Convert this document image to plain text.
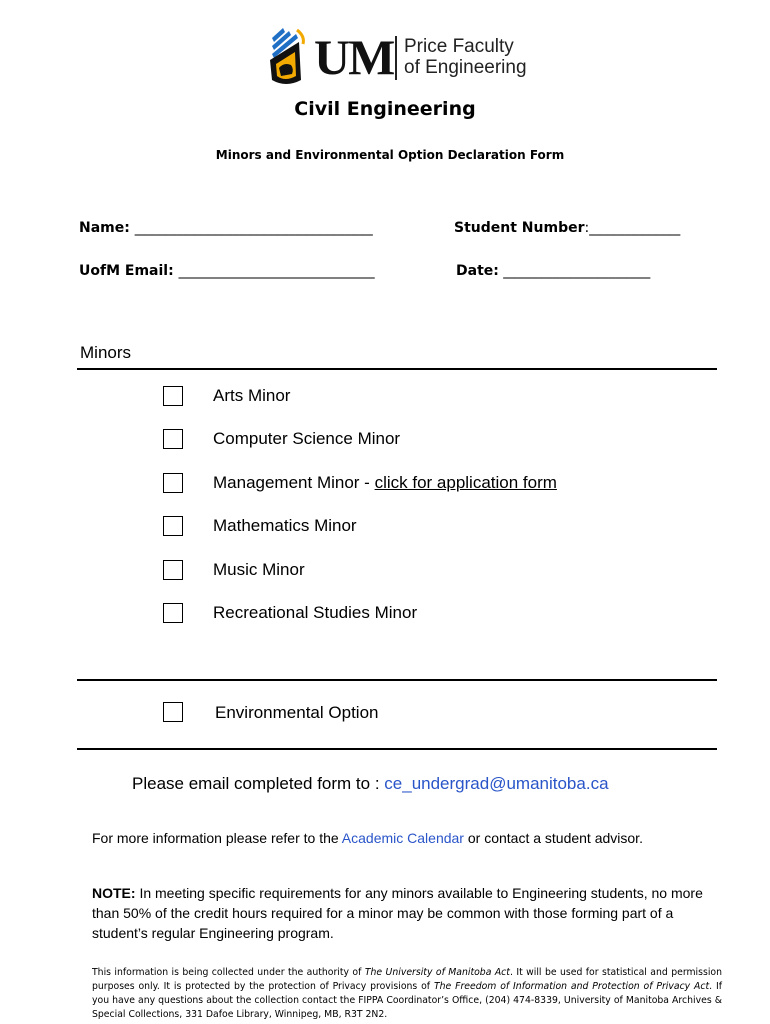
UM Price Faculty
of Engineering
Civil Engineering
Minors and Environmental Option Declaration Form
Name: __________________________________	Student Number:_____________
UofM Email: ____________________________	Date: _____________________
Minors
Arts Minor
Computer Science Minor
Management Minor - click for application form
Mathematics Minor
Music Minor
Recreational Studies Minor
Environmental Option
Please email completed form to : ce_undergrad@umanitoba.ca
For more information please refer to the Academic Calendar or contact a student advisor.
NOTE: In meeting specific requirements for any minors available to Engineering students, no more than 50% of the credit hours required for a minor may be common with those forming part of a student’s regular Engineering program.
This information is being collected under the authority of The University of Manitoba Act. It will be used for statistical and permission purposes only. It is protected by the protection of Privacy provisions of The Freedom of Information and Protection of Privacy Act. If you have any questions about the collection contact the FIPPA Coordinator’s Office, (204) 474-8339, University of Manitoba Archives & Special Collections, 331 Dafoe Library, Winnipeg, MB, R3T 2N2.
